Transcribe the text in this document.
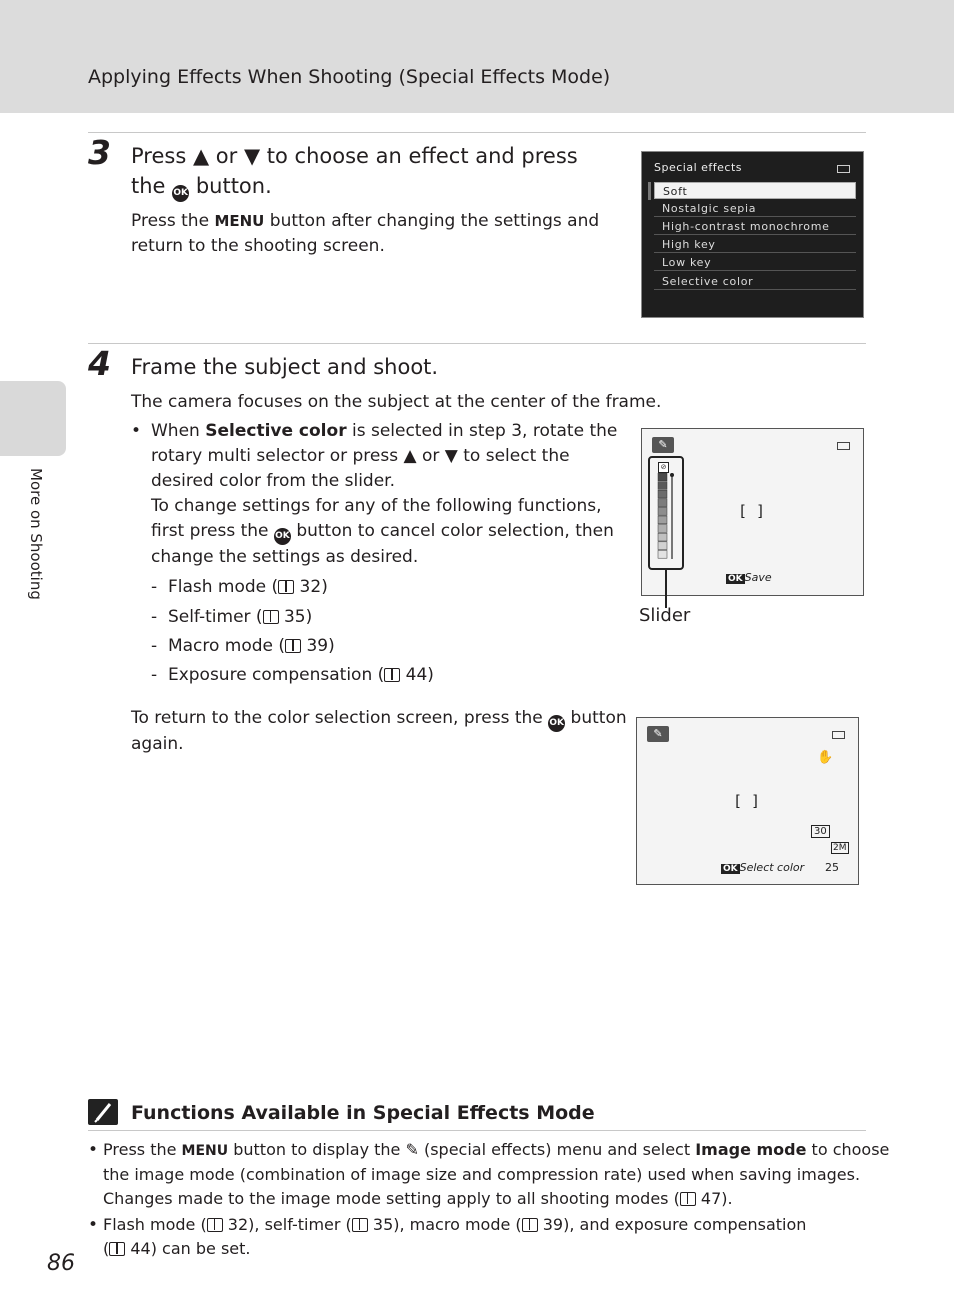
Applying Effects When Shooting (Special Effects Mode)
More on Shooting
3 Press ▲ or ▼ to choose an effect and press
the OK button.
Press the MENU button after changing the settings and
return to the shooting screen.
Special effects
Soft
Nostalgic sepia
High-contrast monochrome
High key
Low key
Selective color
4 Frame the subject and shoot.
The camera focuses on the subject at the center of the frame.
• When Selective color is selected in step 3, rotate the
rotary multi selector or press ▲ or ▼ to select the
desired color from the slider.
To change settings for any of the following functions,
first press the OK button to cancel color selection, then
change the settings as desired.
- Flash mode ( 32)
- Self-timer ( 35)
- Macro mode ( 39)
- Exposure compensation ( 44)
To return to the color selection screen, press the OK button
again.
✎
[ ]
OK Save
⊘
Slider
✎
✋
[ ]
30
2M
OK Select color 25
Functions Available in Special Effects Mode
• Press the MENU button to display the ✎ (special effects) menu and select Image mode to choose
the image mode (combination of image size and compression rate) used when saving images.
Changes made to the image mode setting apply to all shooting modes ( 47).
• Flash mode ( 32), self-timer ( 35), macro mode ( 39), and exposure compensation
( 44) can be set.
86
